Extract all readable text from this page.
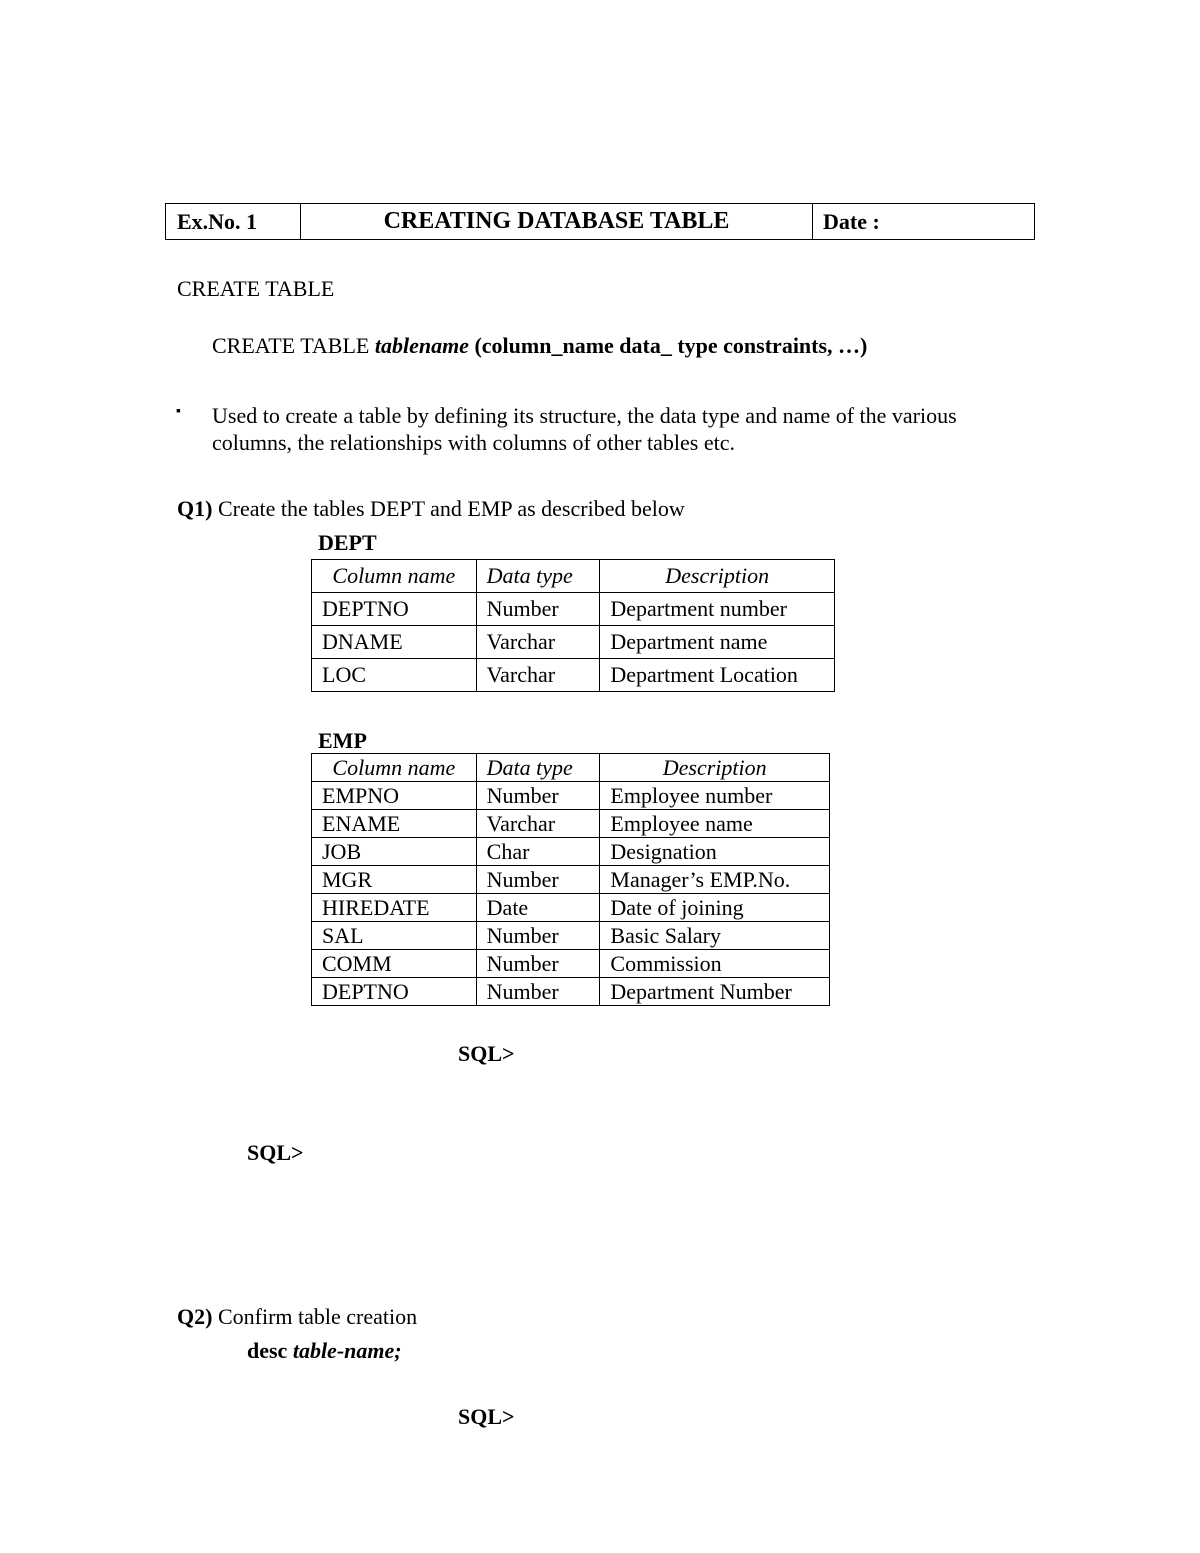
Ex.No. 1	CREATING DATABASE TABLE	Date :
CREATE TABLE
CREATE TABLE tablename (column_name data_ type constraints, …)
▪ Used to create a table by defining its structure, the data type and name of the various
columns, the relationships with columns of other tables etc.
Q1) Create the tables DEPT and EMP as described below
DEPT
Column name	Data type	Description
DEPTNO	Number	Department number
DNAME	Varchar	Department name
LOC	Varchar	Department Location
EMP
Column name	Data type	Description
EMPNO	Number	Employee number
ENAME	Varchar	Employee name
JOB	Char	Designation
MGR	Number	Manager’s EMP.No.
HIREDATE	Date	Date of joining
SAL	Number	Basic Salary
COMM	Number	Commission
DEPTNO	Number	Department Number
SQL>
SQL>
Q2) Confirm table creation
desc table-name;
SQL>
